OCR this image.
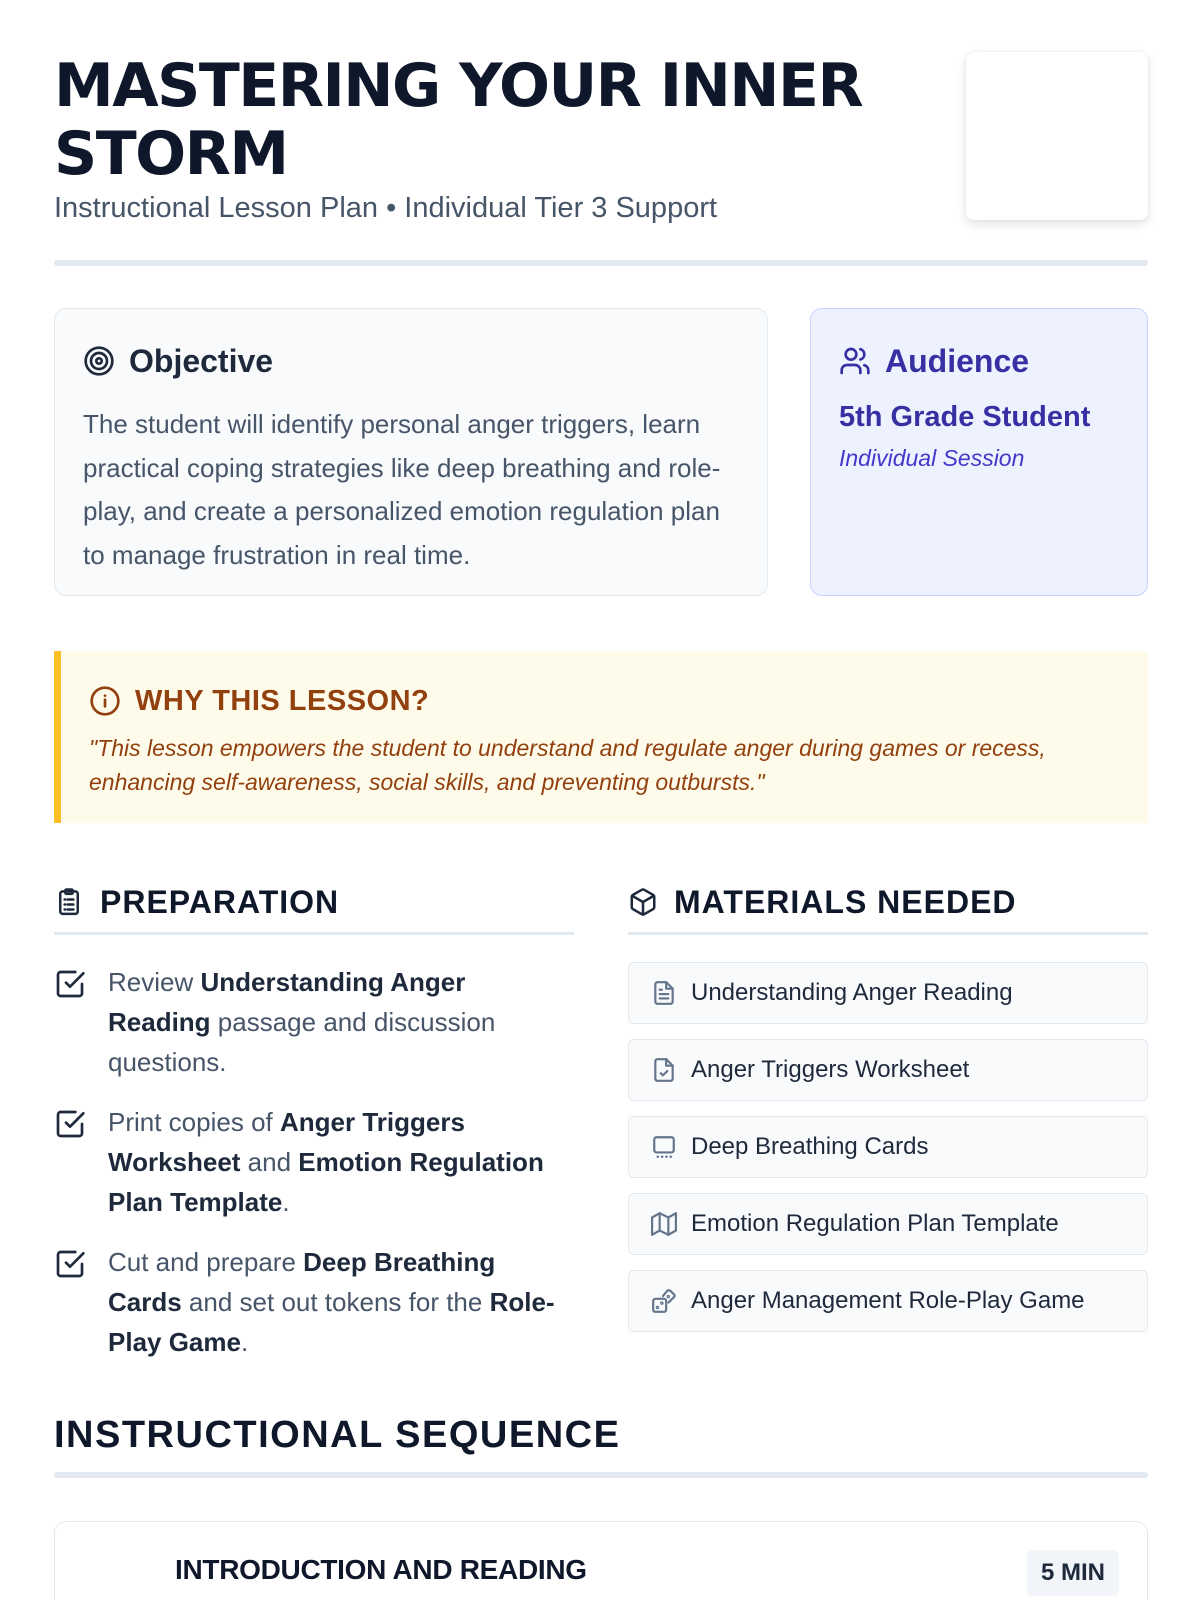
MASTERING YOUR INNER STORM
Instructional Lesson Plan • Individual Tier 3 Support
Objective

The student will identify personal anger triggers, learn practical coping strategies like deep breathing and role-play, and create a personalized emotion regulation plan to manage frustration in real time.

Audience
5th Grade Student
Individual Session
WHY THIS LESSON?

"This lesson empowers the student to understand and regulate anger during games or recess, enhancing self-awareness, social skills, and preventing outbursts."

PREPARATION
Review Understanding Anger Reading passage and discussion questions.
Print copies of Anger Triggers Worksheet and Emotion Regulation Plan Template.
Cut and prepare Deep Breathing Cards and set out tokens for the Role-Play Game.
MATERIALS NEEDED
Understanding Anger Reading
Anger Triggers Worksheet
Deep Breathing Cards
Emotion Regulation Plan Template
Anger Management Role-Play Game
INSTRUCTIONAL SEQUENCE
INTRODUCTION AND READING	5 MIN
